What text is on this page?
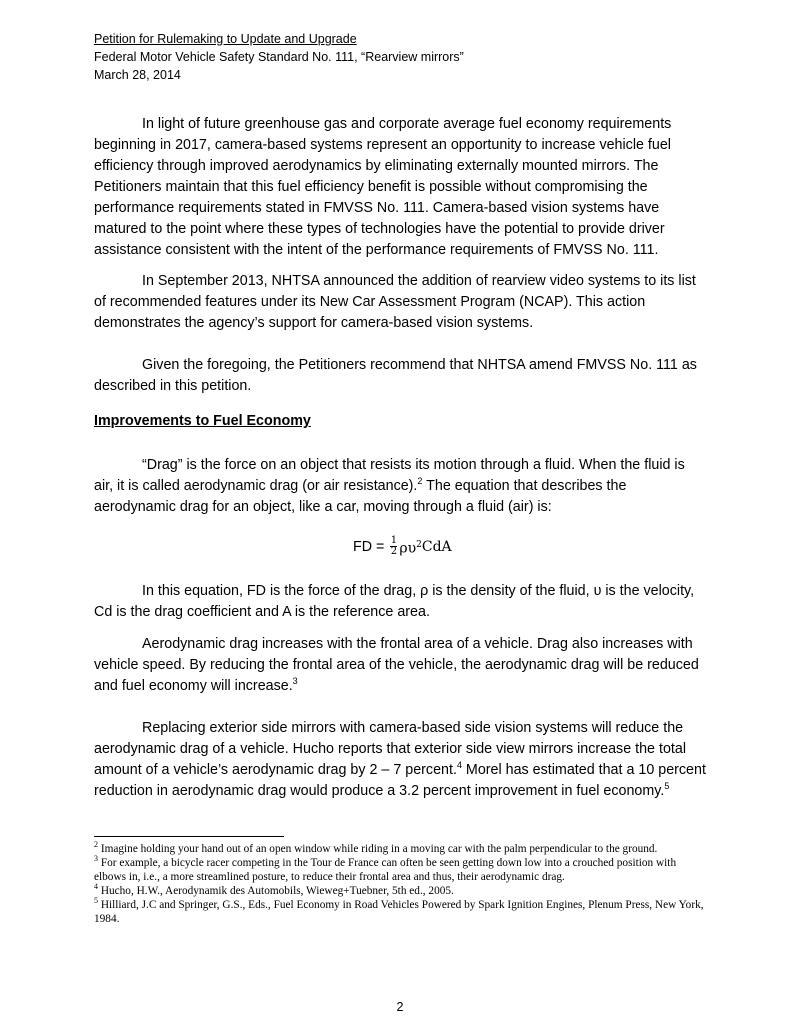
Petition for Rulemaking to Update and Upgrade
Federal Motor Vehicle Safety Standard No. 111, “Rearview mirrors”
March 28, 2014

In light of future greenhouse gas and corporate average fuel economy requirements beginning in 2017, camera-based systems represent an opportunity to increase vehicle fuel efficiency through improved aerodynamics by eliminating externally mounted mirrors. The Petitioners maintain that this fuel efficiency benefit is possible without compromising the performance requirements stated in FMVSS No. 111. Camera-based vision systems have matured to the point where these types of technologies have the potential to provide driver assistance consistent with the intent of the performance requirements of FMVSS No. 111.

In September 2013, NHTSA announced the addition of rearview video systems to its list of recommended features under its New Car Assessment Program (NCAP). This action demonstrates the agency’s support for camera-based vision systems.

Given the foregoing, the Petitioners recommend that NHTSA amend FMVSS No. 111 as described in this petition.

Improvements to Fuel Economy

“Drag” is the force on an object that resists its motion through a fluid. When the fluid is air, it is called aerodynamic drag (or air resistance).$^2$ The equation that describes the aerodynamic drag for an object, like a car, moving through a fluid (air) is:

FD = $\frac{1}{2} \rho\upsilon^2$ CdA

In this equation, FD is the force of the drag, ρ is the density of the fluid, υ is the velocity, Cd is the drag coefficient and A is the reference area.

Aerodynamic drag increases with the frontal area of a vehicle. Drag also increases with vehicle speed. By reducing the frontal area of the vehicle, the aerodynamic drag will be reduced and fuel economy will increase.$^3$

Replacing exterior side mirrors with camera-based side vision systems will reduce the aerodynamic drag of a vehicle. Hucho reports that exterior side view mirrors increase the total amount of a vehicle’s aerodynamic drag by 2 – 7 percent.$^4$ Morel has estimated that a 10 percent reduction in aerodynamic drag would produce a 3.2 percent improvement in fuel economy.$^5$

$^2$ Imagine holding your hand out of an open window while riding in a moving car with the palm perpendicular to the ground.
$^3$ For example, a bicycle racer competing in the Tour de France can often be seen getting down low into a crouched position with elbows in, i.e., a more streamlined posture, to reduce their frontal area and thus, their aerodynamic drag.
$^4$ Hucho, H.W., Aerodynamik des Automobils, Wieweg+Tuebner, 5th ed., 2005.
$^5$ Hilliard, J.C and Springer, G.S., Eds., Fuel Economy in Road Vehicles Powered by Spark Ignition Engines, Plenum Press, New York, 1984.
2
